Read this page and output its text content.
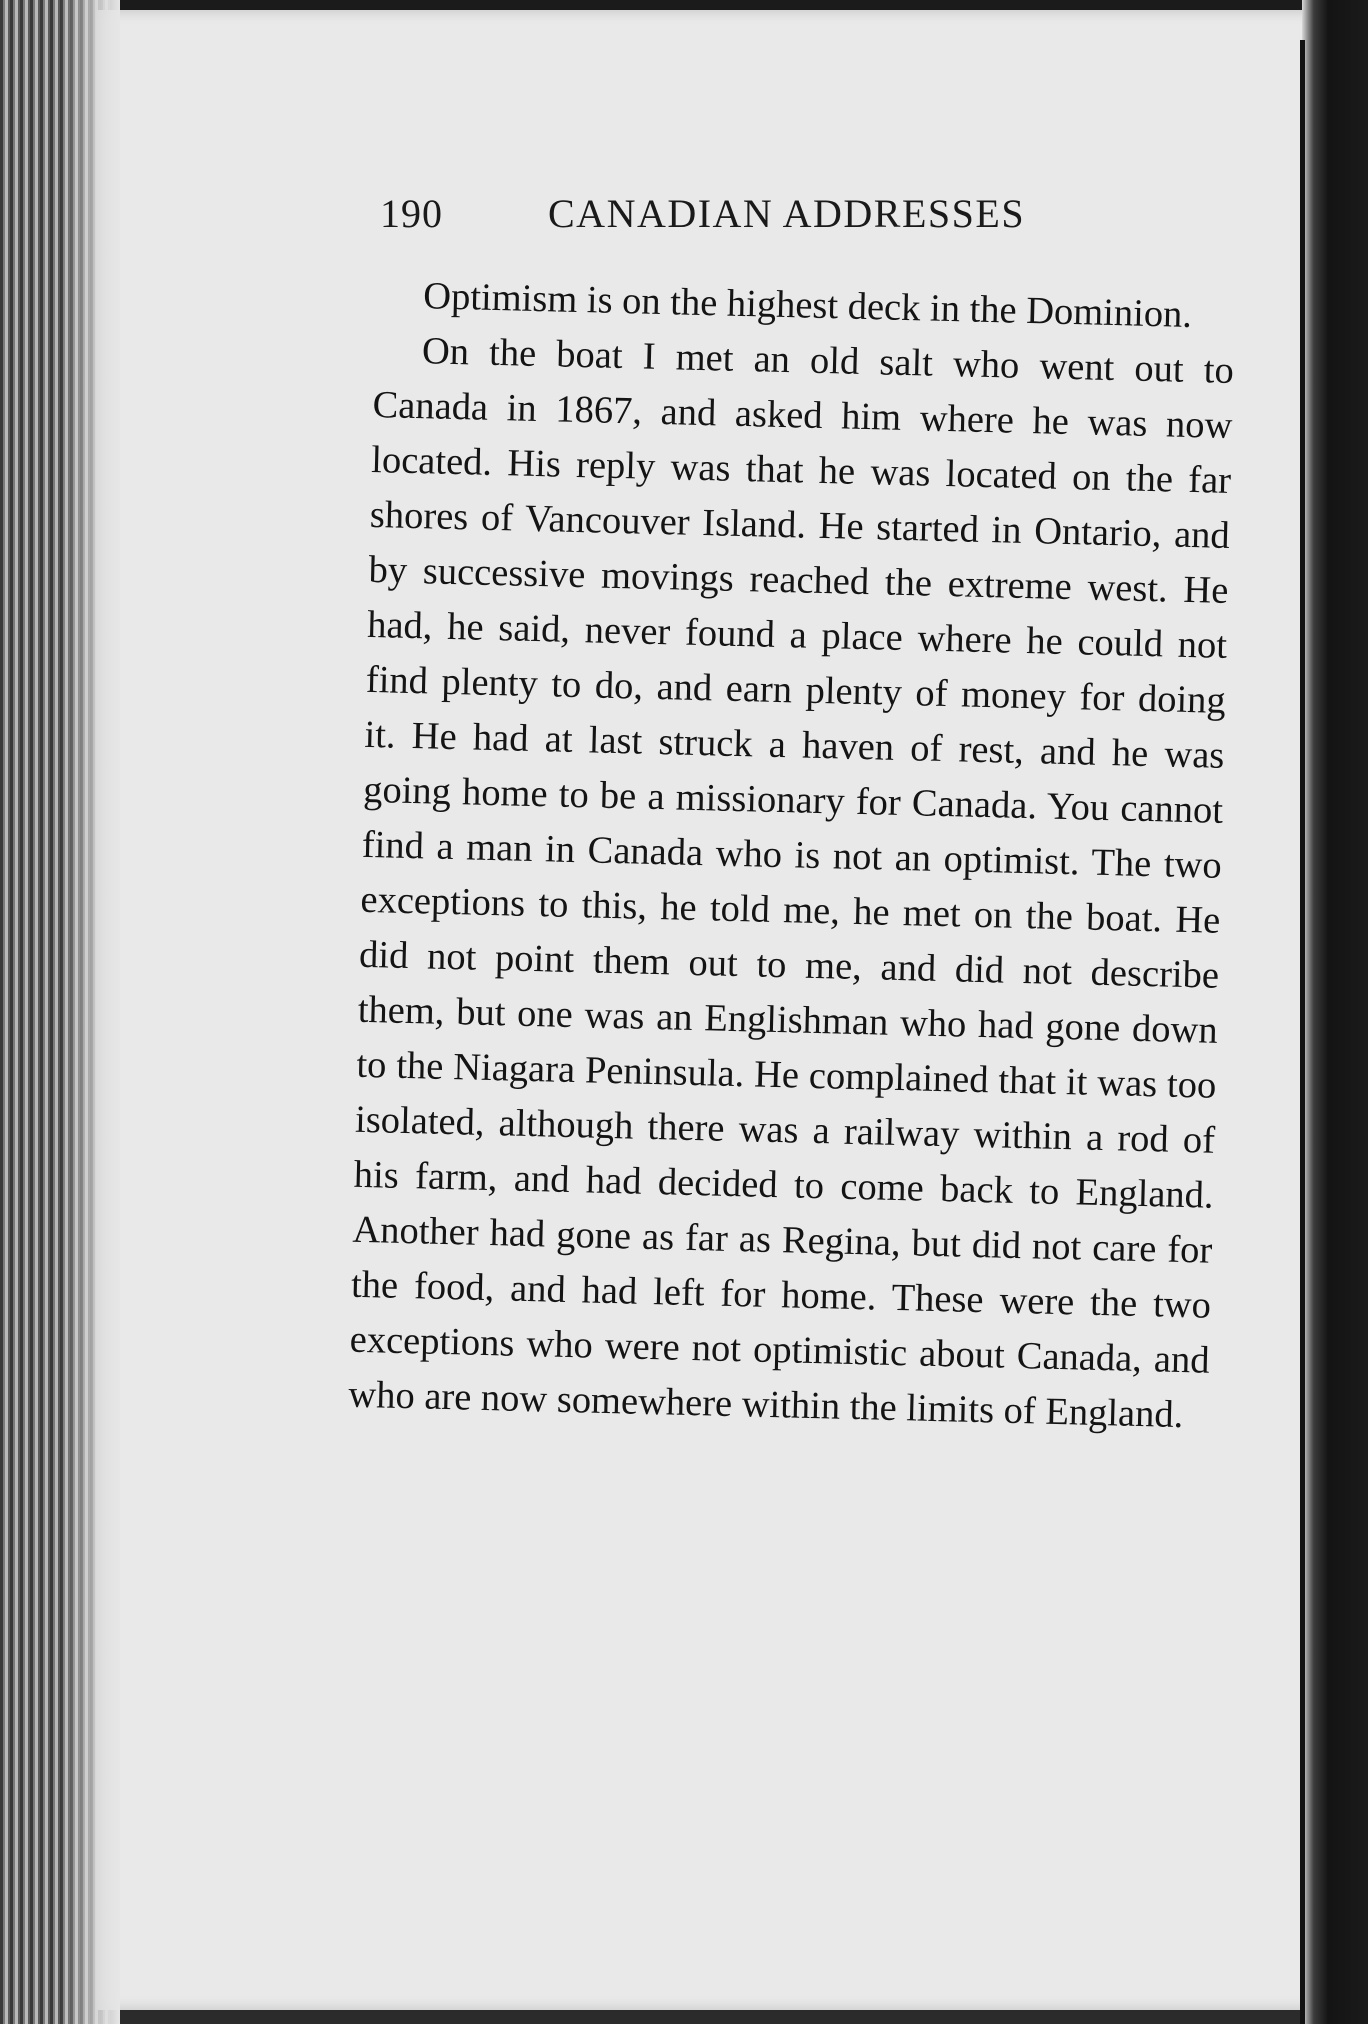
190	CANADIAN ADDRESSES

Optimism is on the highest deck in the Dominion.

On the boat I met an old salt who went out to Canada in 1867, and asked him where he was now located. His reply was that he was located on the far shores of Vancouver Island. He started in Ontario, and by successive movings reached the extreme west. He had, he said, never found a place where he could not find plenty to do, and earn plenty of money for doing it. He had at last struck a haven of rest, and he was going home to be a missionary for Canada. You cannot find a man in Canada who is not an optimist. The two exceptions to this, he told me, he met on the boat. He did not point them out to me, and did not describe them, but one was an Englishman who had gone down to the Niagara Peninsula. He complained that it was too isolated, although there was a railway within a rod of his farm, and had decided to come back to England. Another had gone as far as Regina, but did not care for the food, and had left for home. These were the two exceptions who were not optimistic about Canada, and who are now somewhere within the limits of England.
